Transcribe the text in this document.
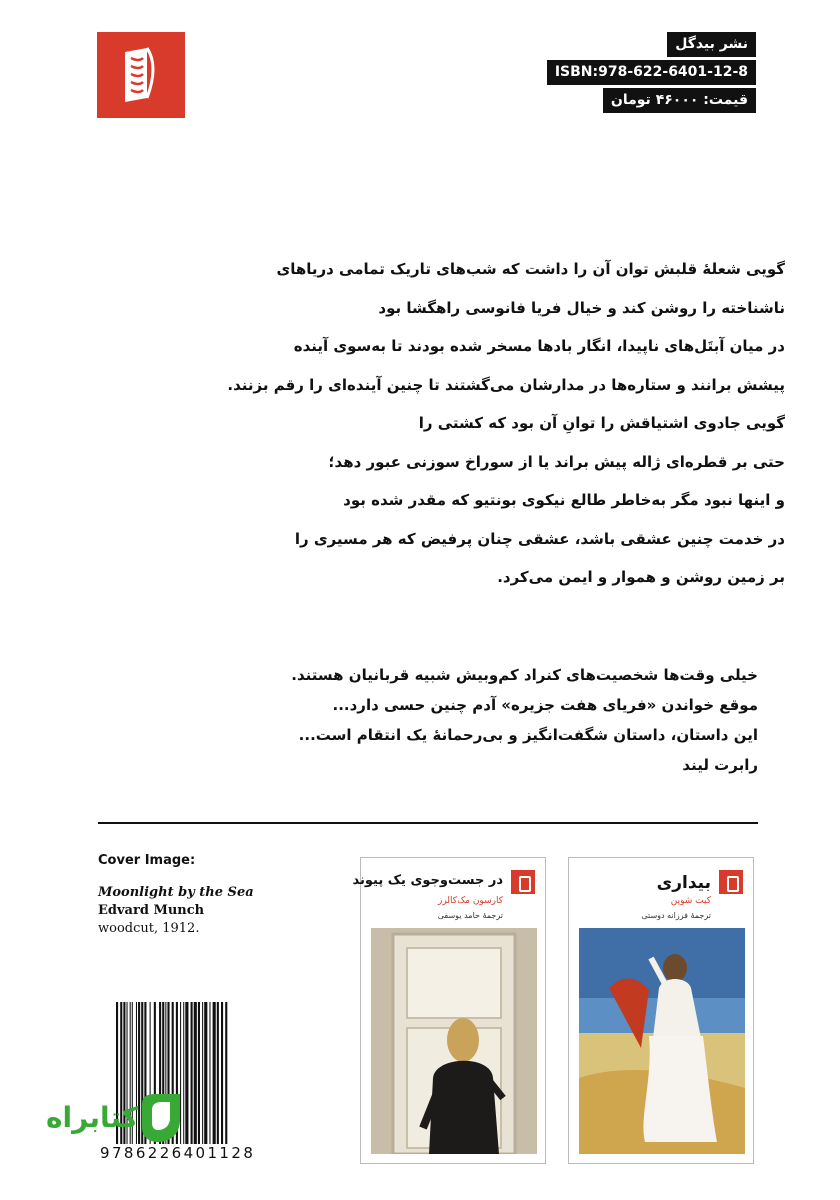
نشر بیدگل
ISBN:978-622-6401-12-8
قیمت: ۴۶۰۰۰ تومان
گویی شعلهٔ قلبش توان آن را داشت که شب‌های تاریک تمامی دریاهای
ناشناخته را روشن کند و خیال فریا فانوسی راهگشا بود
در میان آبتَل‌های ناپیدا، انگار بادها مسخر شده بودند تا به‌سوی آینده
پیشش برانند و ستاره‌ها در مدارشان می‌گشتند تا چنین آینده‌ای را رقم بزنند.
گویی جادوی اشتیاقش را توانِ آن بود که کشتی را
حتی بر قطره‌ای ژاله پیش براند یا از سوراخ سوزنی عبور دهد؛
و اینها نبود مگر به‌خاطر طالع نیکوی بونتیو که مقدر شده بود
در خدمت چنین عشقی باشد، عشقی چنان پرفیض که هر مسیری را
بر زمین روشن و هموار و ایمن می‌کرد.
خیلی وقت‌ها شخصیت‌های کنراد کم‌وبیش شبیه قربانیان هستند.
موقع خواندن «فریای هفت جزیره» آدم چنین حسی دارد...
این داستان، داستان شگفت‌انگیز و بی‌رحمانهٔ یک انتقام است...
رابرت لیند
Cover Image:
Moonlight by the Sea
Edvard Munch
woodcut, 1912.
9786226401128
کتابراه
در جست‌وجوی یک پیوند
کارسون مک‌کالرز
ترجمهٔ حامد یوسفی
بیداری
کیت شوپن
ترجمهٔ فرزانه دوستی
